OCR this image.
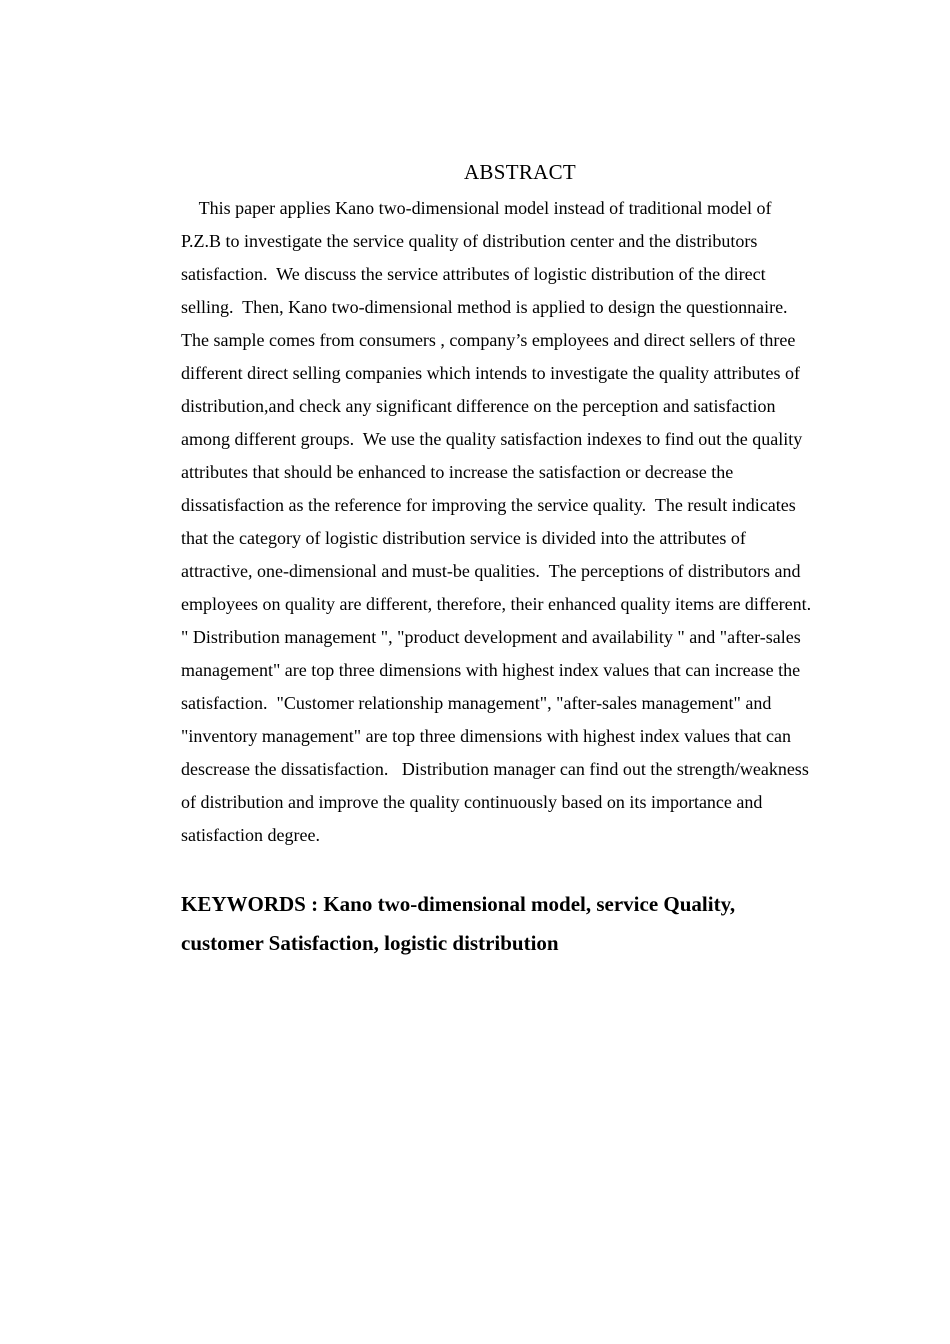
ABSTRACT
This paper applies Kano two-dimensional model instead of traditional model of
P.Z.B to investigate the service quality of distribution center and the distributors
satisfaction.  We discuss the service attributes of logistic distribution of the direct
selling.  Then, Kano two-dimensional method is applied to design the questionnaire.
The sample comes from consumers , company’s employees and direct sellers of three
different direct selling companies which intends to investigate the quality attributes of
distribution,and check any significant difference on the perception and satisfaction
among different groups.  We use the quality satisfaction indexes to find out the quality
attributes that should be enhanced to increase the satisfaction or decrease the
dissatisfaction as the reference for improving the service quality.  The result indicates
that the category of logistic distribution service is divided into the attributes of
attractive, one-dimensional and must-be qualities.  The perceptions of distributors and
employees on quality are different, therefore, their enhanced quality items are different.
" Distribution management ", "product development and availability " and "after-sales
management" are top three dimensions with highest index values that can increase the
satisfaction.  "Customer relationship management", "after-sales management" and
"inventory management" are top three dimensions with highest index values that can
descrease the dissatisfaction.   Distribution manager can find out the strength/weakness
of distribution and improve the quality continuously based on its importance and
satisfaction degree.
KEYWORDS : Kano two-dimensional model, service Quality,
customer Satisfaction, logistic distribution
